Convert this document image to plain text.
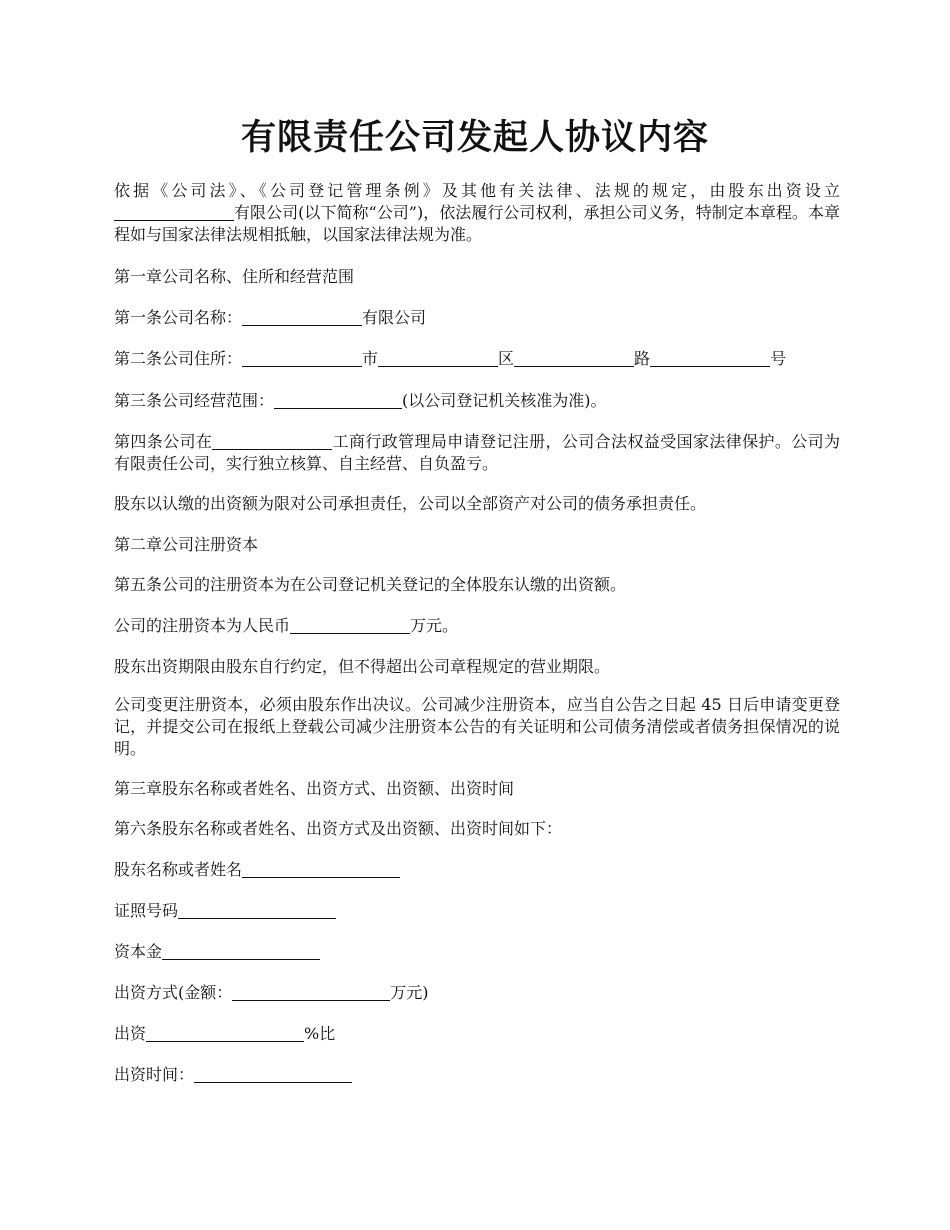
有限责任公司发起人协议内容

依据《公司法》、《公司登记管理条例》及其他有关法律、法规的规定，由股东出资设立有限公司(以下简称“公司”)，依法履行公司权利，承担公司义务，特制定本章程。本章程如与国家法律法规相抵触，以国家法律法规为准。

第一章公司名称、住所和经营范围

第一条公司名称：	有限公司

第二条公司住所：	市	区	路	号

第三条公司经营范围：	(以公司登记机关核准为准)。

第四条公司在	工商行政管理局申请登记注册，公司合法权益受国家法律保护。公司为有限责任公司，实行独立核算、自主经营、自负盈亏。

股东以认缴的出资额为限对公司承担责任，公司以全部资产对公司的债务承担责任。

第二章公司注册资本

第五条公司的注册资本为在公司登记机关登记的全体股东认缴的出资额。

公司的注册资本为人民币	万元。

股东出资期限由股东自行约定，但不得超出公司章程规定的营业期限。

公司变更注册资本，必须由股东作出决议。公司减少注册资本，应当自公告之日起 45 日后申请变更登记，并提交公司在报纸上登载公司减少注册资本公告的有关证明和公司债务清偿或者债务担保情况的说明。

第三章股东名称或者姓名、出资方式、出资额、出资时间

第六条股东名称或者姓名、出资方式及出资额、出资时间如下：

股东名称或者姓名

证照号码

资本金

出资方式(金额：	万元)

出资	%比

出资时间：
